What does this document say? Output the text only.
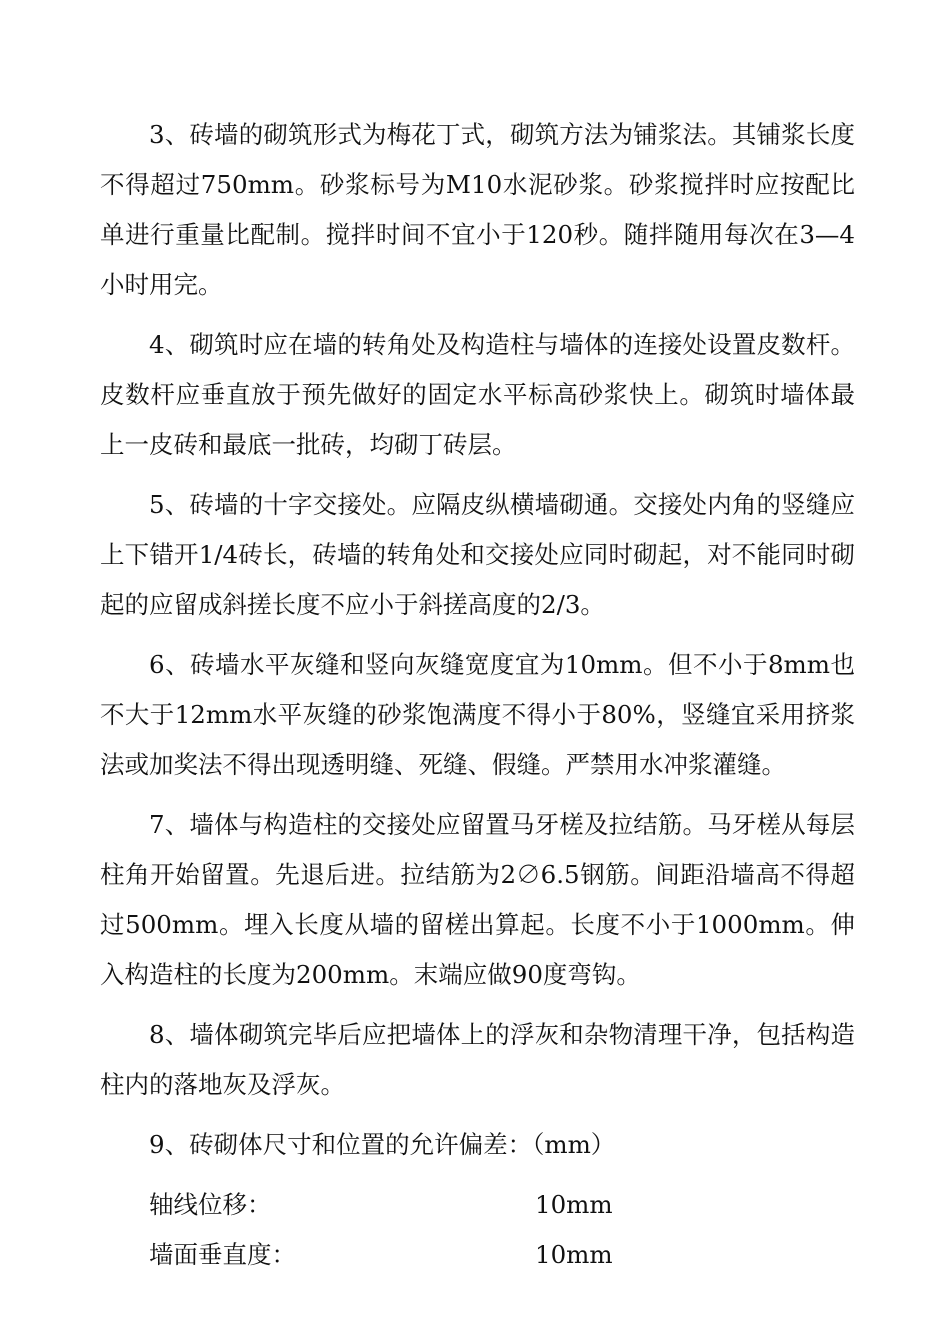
3、砖墙的砌筑形式为梅花丁式，砌筑方法为铺浆法。其铺浆长度不得超过750mm。砂浆标号为M10水泥砂浆。砂浆搅拌时应按配比单进行重量比配制。搅拌时间不宜小于120秒。随拌随用每次在3—4小时用完。

4、砌筑时应在墙的转角处及构造柱与墙体的连接处设置皮数杆。皮数杆应垂直放于预先做好的固定水平标高砂浆快上。砌筑时墙体最上一皮砖和最底一批砖，均砌丁砖层。

5、砖墙的十字交接处。应隔皮纵横墙砌通。交接处内角的竖缝应上下错开1/4砖长，砖墙的转角处和交接处应同时砌起，对不能同时砌起的应留成斜搓长度不应小于斜搓高度的2/3。

6、砖墙水平灰缝和竖向灰缝宽度宜为10mm。但不小于8mm也不大于12mm水平灰缝的砂浆饱满度不得小于80%，竖缝宜采用挤浆法或加奖法不得出现透明缝、死缝、假缝。严禁用水冲浆灌缝。

7、墙体与构造柱的交接处应留置马牙槎及拉结筋。马牙槎从每层柱角开始留置。先退后进。拉结筋为2∅6.5钢筋。间距沿墙高不得超过500mm。埋入长度从墙的留槎出算起。长度不小于1000mm。伸入构造柱的长度为200mm。末端应做90度弯钩。

8、墙体砌筑完毕后应把墙体上的浮灰和杂物清理干净，包括构造柱内的落地灰及浮灰。

9、砖砌体尺寸和位置的允许偏差：（mm）

轴线位移：	10mm
墙面垂直度：	10mm
